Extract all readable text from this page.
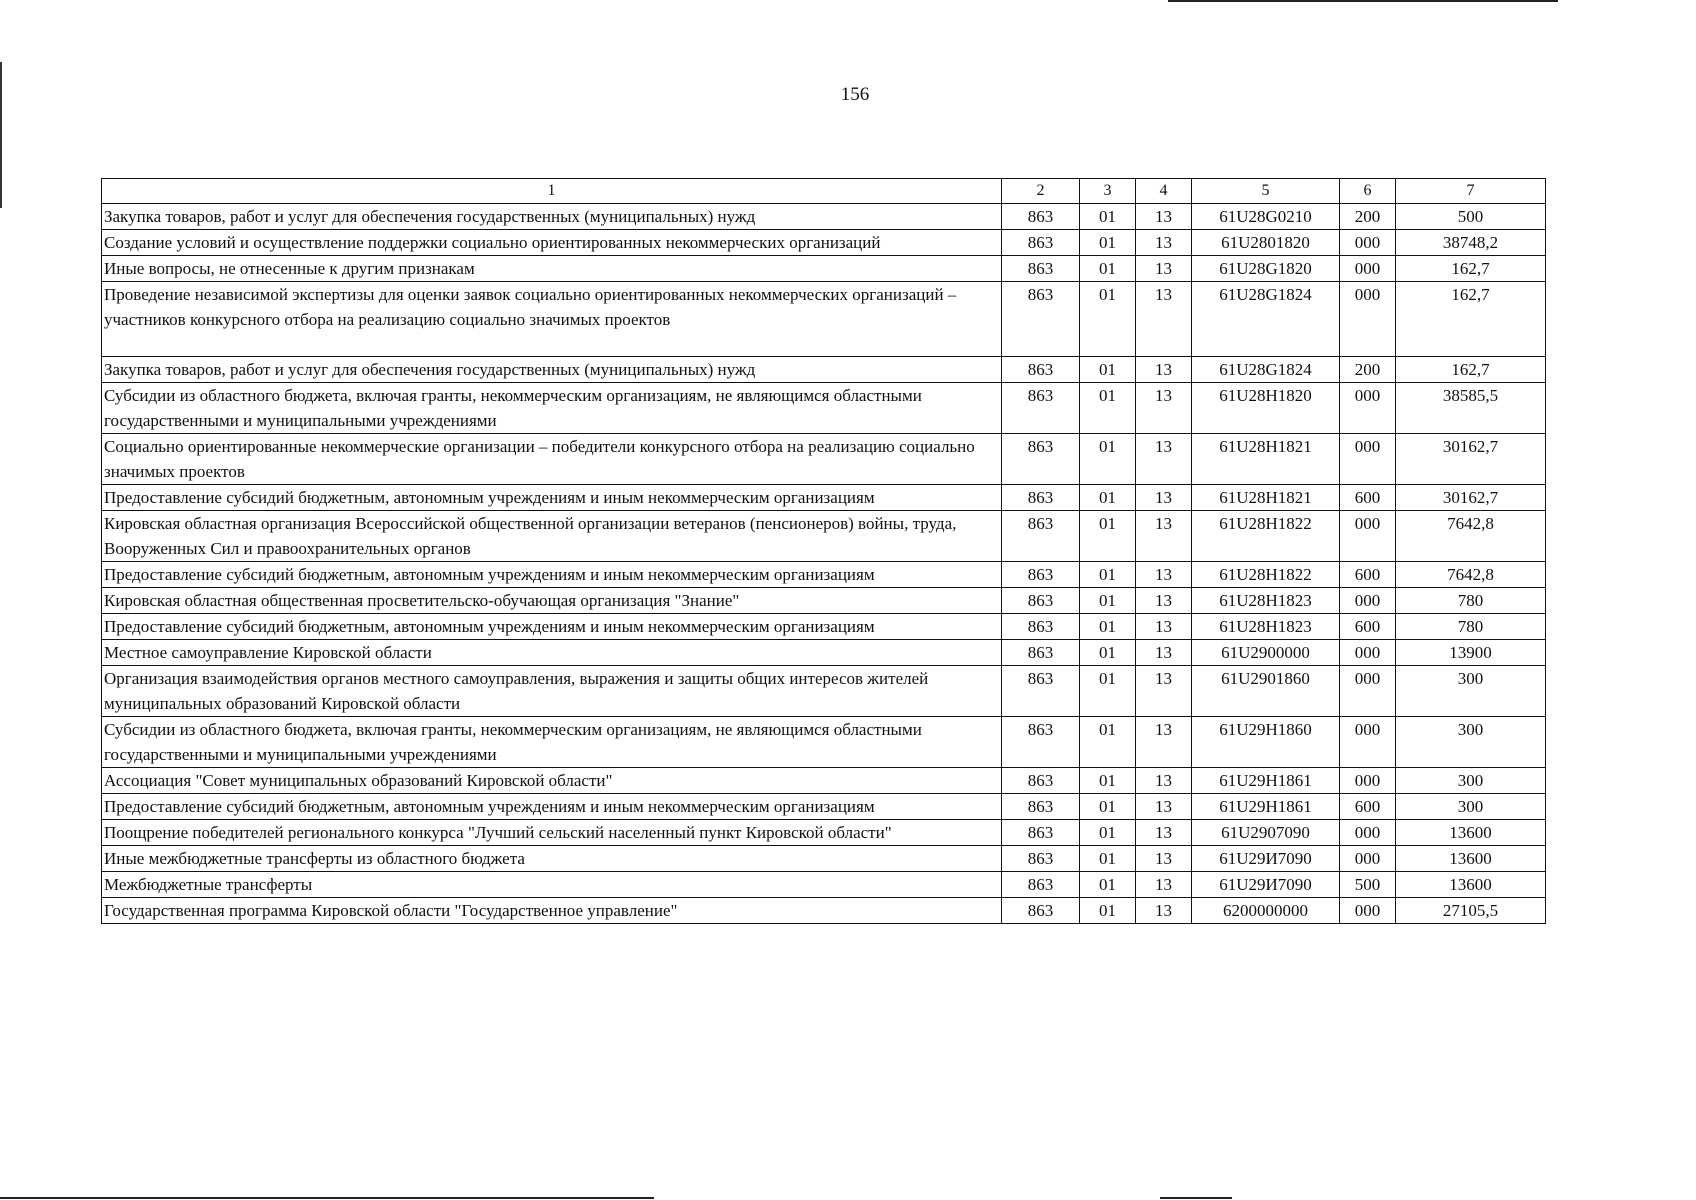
156
1	2	3	4	5	6	7
Закупка товаров, работ и услуг для обеспечения государственных (муниципальных) нужд	863	01	13	61U28G0210	200	500
Создание условий и осуществление поддержки социально ориентированных некоммерческих организаций	863	01	13	61U2801820	000	38748,2
Иные вопросы, не отнесенные к другим признакам	863	01	13	61U28G1820	000	162,7
Проведение независимой экспертизы для оценки заявок социально ориентированных некоммерческих организаций – участников конкурсного отбора на реализацию социально значимых проектов	863	01	13	61U28G1824	000	162,7
Закупка товаров, работ и услуг для обеспечения государственных (муниципальных) нужд	863	01	13	61U28G1824	200	162,7
Субсидии из областного бюджета, включая гранты, некоммерческим организациям, не являющимся областными государственными и муниципальными учреждениями	863	01	13	61U28H1820	000	38585,5
Социально ориентированные некоммерческие организации – победители конкурсного отбора на реализацию социально значимых проектов	863	01	13	61U28H1821	000	30162,7
Предоставление субсидий бюджетным, автономным учреждениям и иным некоммерческим организациям	863	01	13	61U28H1821	600	30162,7
Кировская областная организация Всероссийской общественной организации ветеранов (пенсионеров) войны, труда, Вооруженных Сил и правоохранительных органов	863	01	13	61U28H1822	000	7642,8
Предоставление субсидий бюджетным, автономным учреждениям и иным некоммерческим организациям	863	01	13	61U28H1822	600	7642,8
Кировская областная общественная просветительско-обучающая организация "Знание"	863	01	13	61U28H1823	000	780
Предоставление субсидий бюджетным, автономным учреждениям и иным некоммерческим организациям	863	01	13	61U28H1823	600	780
Местное самоуправление Кировской области	863	01	13	61U2900000	000	13900
Организация взаимодействия органов местного самоуправления, выражения и защиты общих интересов жителей муниципальных образований Кировской области	863	01	13	61U2901860	000	300
Субсидии из областного бюджета, включая гранты, некоммерческим организациям, не являющимся областными государственными и муниципальными учреждениями	863	01	13	61U29H1860	000	300
Ассоциация "Совет муниципальных образований Кировской области"	863	01	13	61U29H1861	000	300
Предоставление субсидий бюджетным, автономным учреждениям и иным некоммерческим организациям	863	01	13	61U29H1861	600	300
Поощрение победителей регионального конкурса "Лучший сельский населенный пункт Кировской области"	863	01	13	61U2907090	000	13600
Иные межбюджетные трансферты из областного бюджета	863	01	13	61U29И7090	000	13600
Межбюджетные трансферты	863	01	13	61U29И7090	500	13600
Государственная программа Кировской области "Государственное управление"	863	01	13	6200000000	000	27105,5
